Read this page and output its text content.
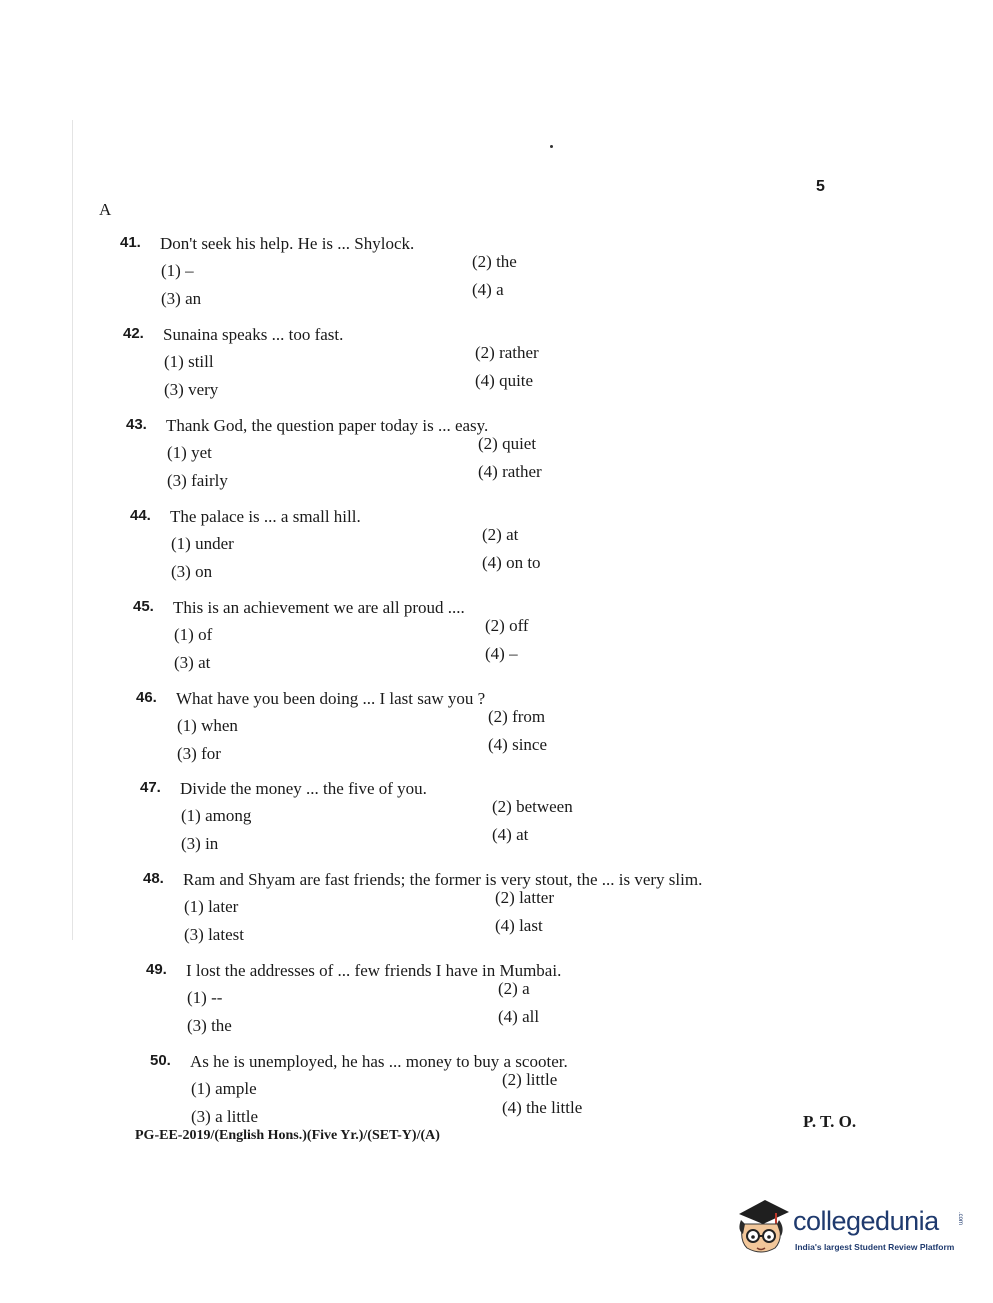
5
A
41. Don't seek his help. He is ... Shylock.
(1) –	(2) the
(3) an	(4) a
42. Sunaina speaks ... too fast.
(1) still	(2) rather
(3) very	(4) quite
43. Thank God, the question paper today is ... easy.
(1) yet	(2) quiet
(3) fairly	(4) rather
44. The palace is ... a small hill.
(1) under	(2) at
(3) on	(4) on to
45. This is an achievement we are all proud ....
(1) of	(2) off
(3) at	(4) –
46. What have you been doing ... I last saw you ?
(1) when	(2) from
(3) for	(4) since
47. Divide the money ... the five of you.
(1) among	(2) between
(3) in	(4) at
48. Ram and Shyam are fast friends; the former is very stout, the ... is very slim.
(1) later	(2) latter
(3) latest	(4) last
49. I lost the addresses of ... few friends I have in Mumbai.
(1) --	(2) a
(3) the	(4) all
50. As he is unemployed, he has ... money to buy a scooter.
(1) ample	(2) little
(3) a little	(4) the little
P. T. O.
PG-EE-2019/(English Hons.)(Five Yr.)/(SET-Y)/(A)
collegedunia	.com
India's largest Student Review Platform
